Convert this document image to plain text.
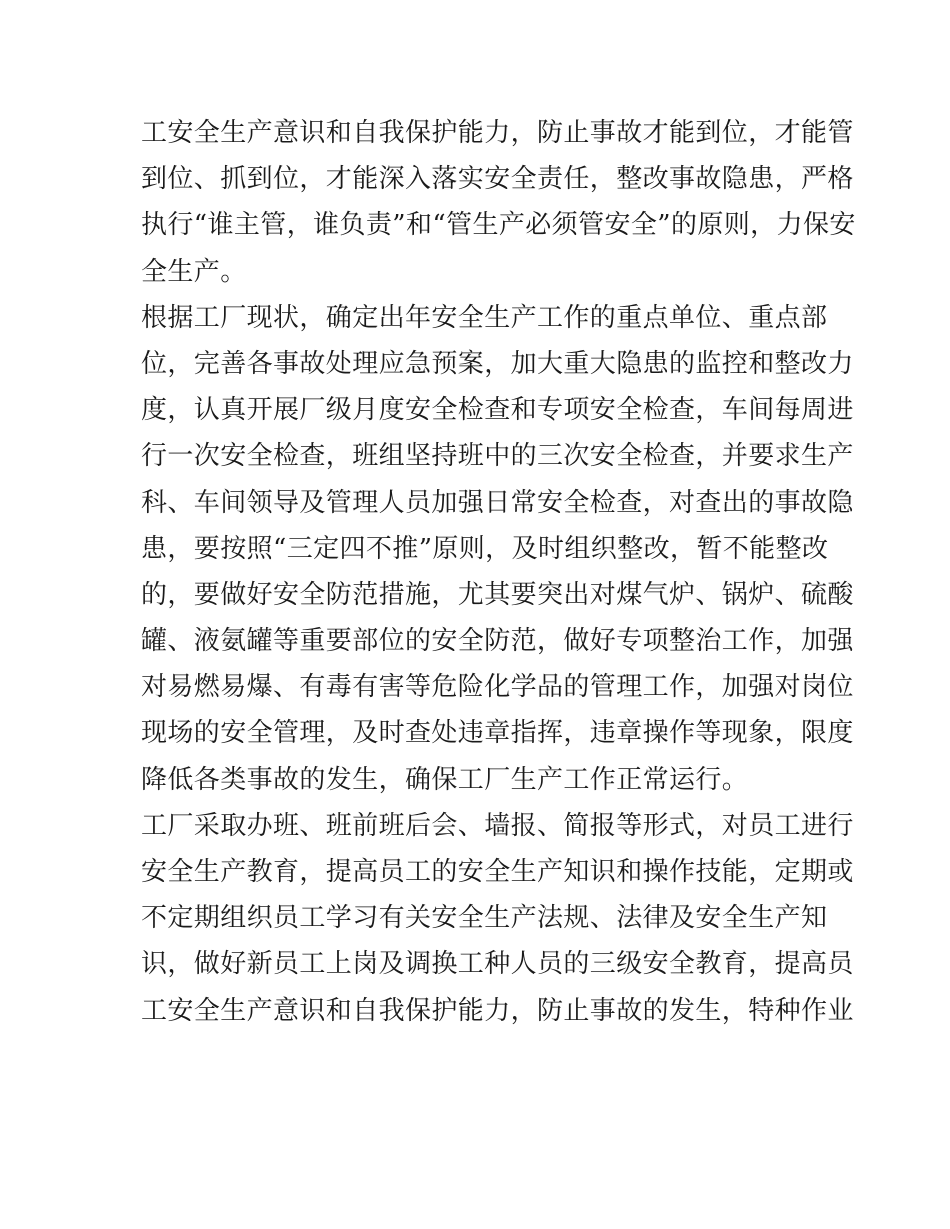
工安全生产意识和自我保护能力，防止事故才能到位，才能管
到位、抓到位，才能深入落实安全责任，整改事故隐患，严格
执行“谁主管，谁负责”和“管生产必须管安全”的原则，力保安
全生产。
根据工厂现状，确定出年安全生产工作的重点单位、重点部
位，完善各事故处理应急预案，加大重大隐患的监控和整改力
度，认真开展厂级月度安全检查和专项安全检查，车间每周进
行一次安全检查，班组坚持班中的三次安全检查，并要求生产
科、车间领导及管理人员加强日常安全检查，对查出的事故隐
患，要按照“三定四不推”原则，及时组织整改，暂不能整改
的，要做好安全防范措施，尤其要突出对煤气炉、锅炉、硫酸
罐、液氨罐等重要部位的安全防范，做好专项整治工作，加强
对易燃易爆、有毒有害等危险化学品的管理工作，加强对岗位
现场的安全管理，及时查处违章指挥，违章操作等现象，限度
降低各类事故的发生，确保工厂生产工作正常运行。
工厂采取办班、班前班后会、墙报、简报等形式，对员工进行
安全生产教育，提高员工的安全生产知识和操作技能，定期或
不定期组织员工学习有关安全生产法规、法律及安全生产知
识，做好新员工上岗及调换工种人员的三级安全教育，提高员
工安全生产意识和自我保护能力，防止事故的发生，特种作业
